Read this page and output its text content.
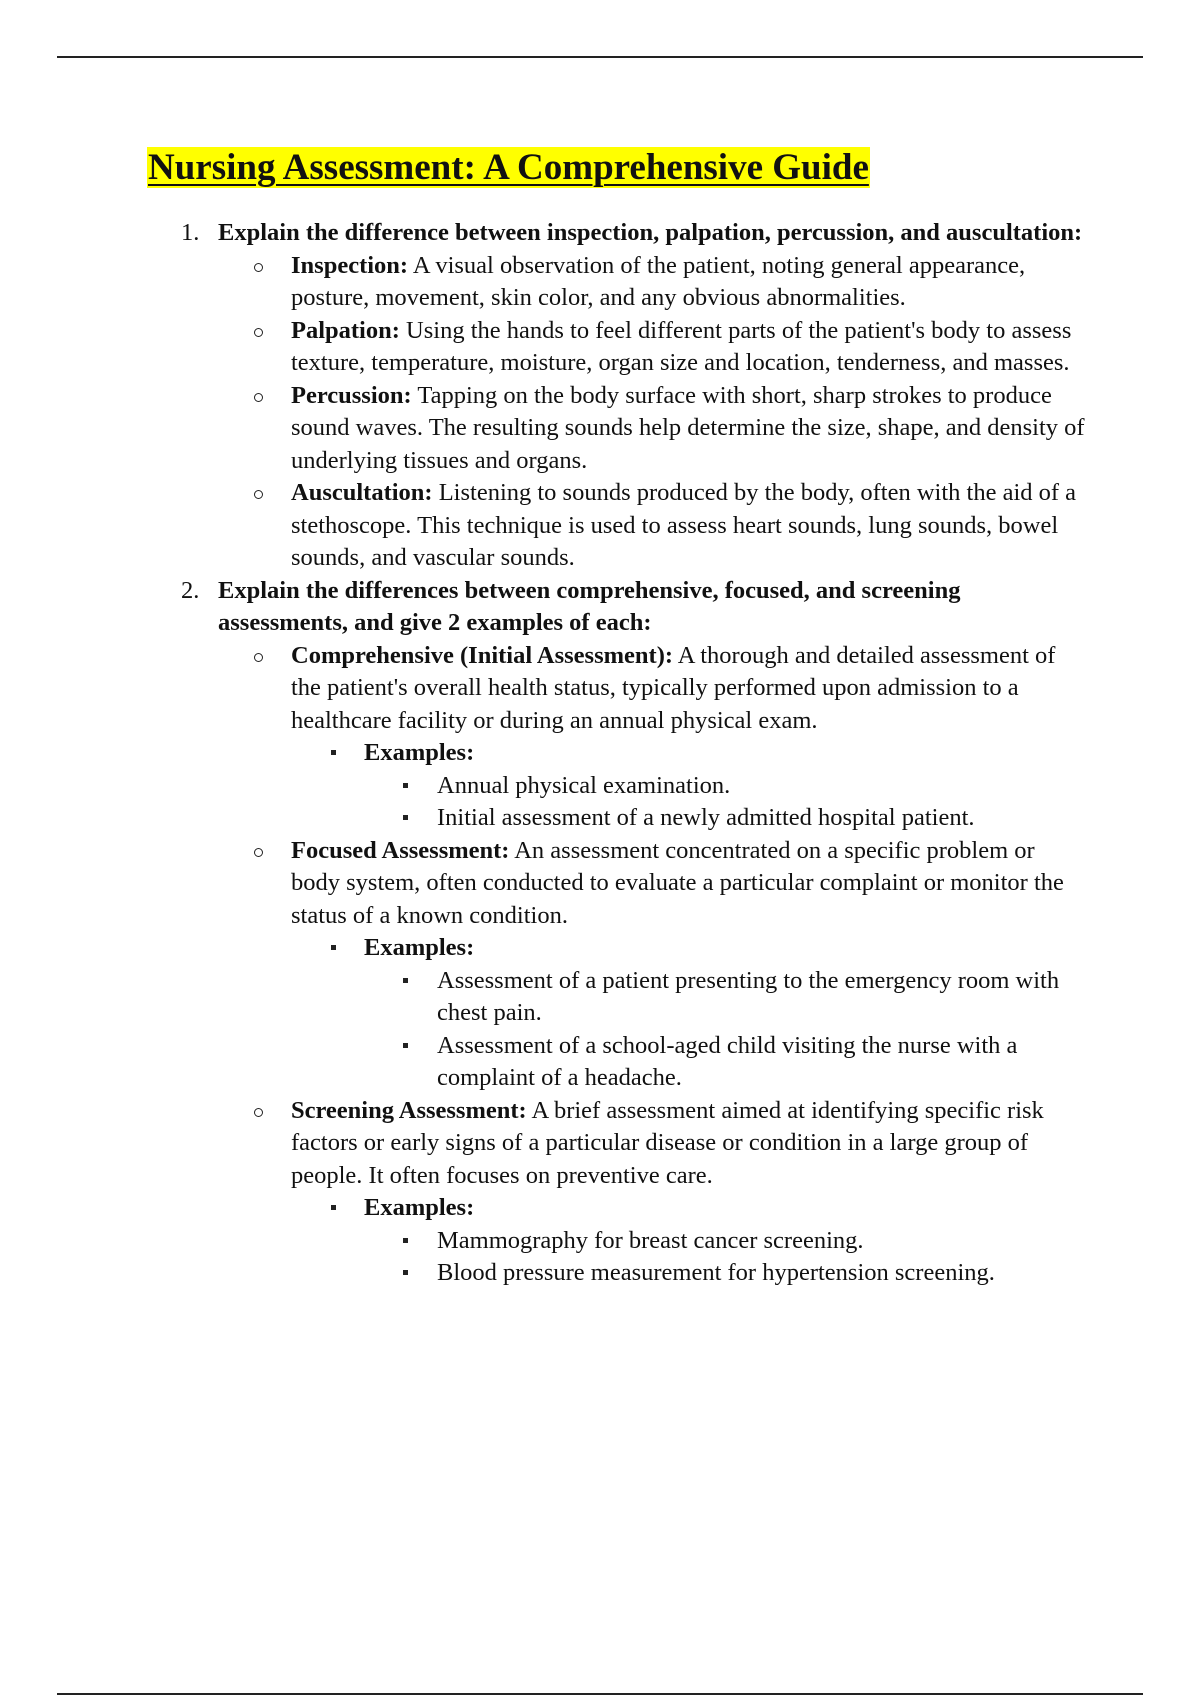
Nursing Assessment: A Comprehensive Guide
1. Explain the difference between inspection, palpation, percussion, and auscultation:
Inspection: A visual observation of the patient, noting general appearance, posture, movement, skin color, and any obvious abnormalities.
Palpation: Using the hands to feel different parts of the patient's body to assess texture, temperature, moisture, organ size and location, tenderness, and masses.
Percussion: Tapping on the body surface with short, sharp strokes to produce sound waves. The resulting sounds help determine the size, shape, and density of underlying tissues and organs.
Auscultation: Listening to sounds produced by the body, often with the aid of a stethoscope. This technique is used to assess heart sounds, lung sounds, bowel sounds, and vascular sounds.
2. Explain the differences between comprehensive, focused, and screening assessments, and give 2 examples of each:
Comprehensive (Initial Assessment): A thorough and detailed assessment of the patient's overall health status, typically performed upon admission to a healthcare facility or during an annual physical exam.
Examples:
Annual physical examination.
Initial assessment of a newly admitted hospital patient.
Focused Assessment: An assessment concentrated on a specific problem or body system, often conducted to evaluate a particular complaint or monitor the status of a known condition.
Examples:
Assessment of a patient presenting to the emergency room with chest pain.
Assessment of a school-aged child visiting the nurse with a complaint of a headache.
Screening Assessment: A brief assessment aimed at identifying specific risk factors or early signs of a particular disease or condition in a large group of people. It often focuses on preventive care.
Examples:
Mammography for breast cancer screening.
Blood pressure measurement for hypertension screening.
